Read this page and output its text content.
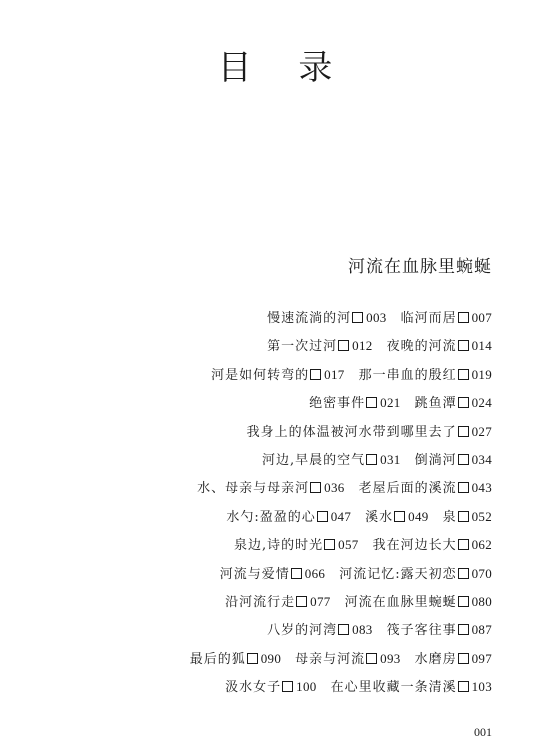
目 录
河流在血脉里蜿蜒
慢速流淌的河 003 临河而居 007
第一次过河 012 夜晚的河流 014
河是如何转弯的 017 那一串血的殷红 019
绝密事件 021 跳鱼潭 024
我身上的体温被河水带到哪里去了 027
河边,早晨的空气 031 倒淌河 034
水、母亲与母亲河 036 老屋后面的溪流 043
水勺:盈盈的心 047 溪水 049 泉 052
泉边,诗的时光 057 我在河边长大 062
河流与爱情 066 河流记忆:露天初恋 070
沿河流行走 077 河流在血脉里蜿蜒 080
八岁的河湾 083 筏子客往事 087
最后的狐 090 母亲与河流 093 水磨房 097
汲水女子 100 在心里收藏一条清溪 103
001
